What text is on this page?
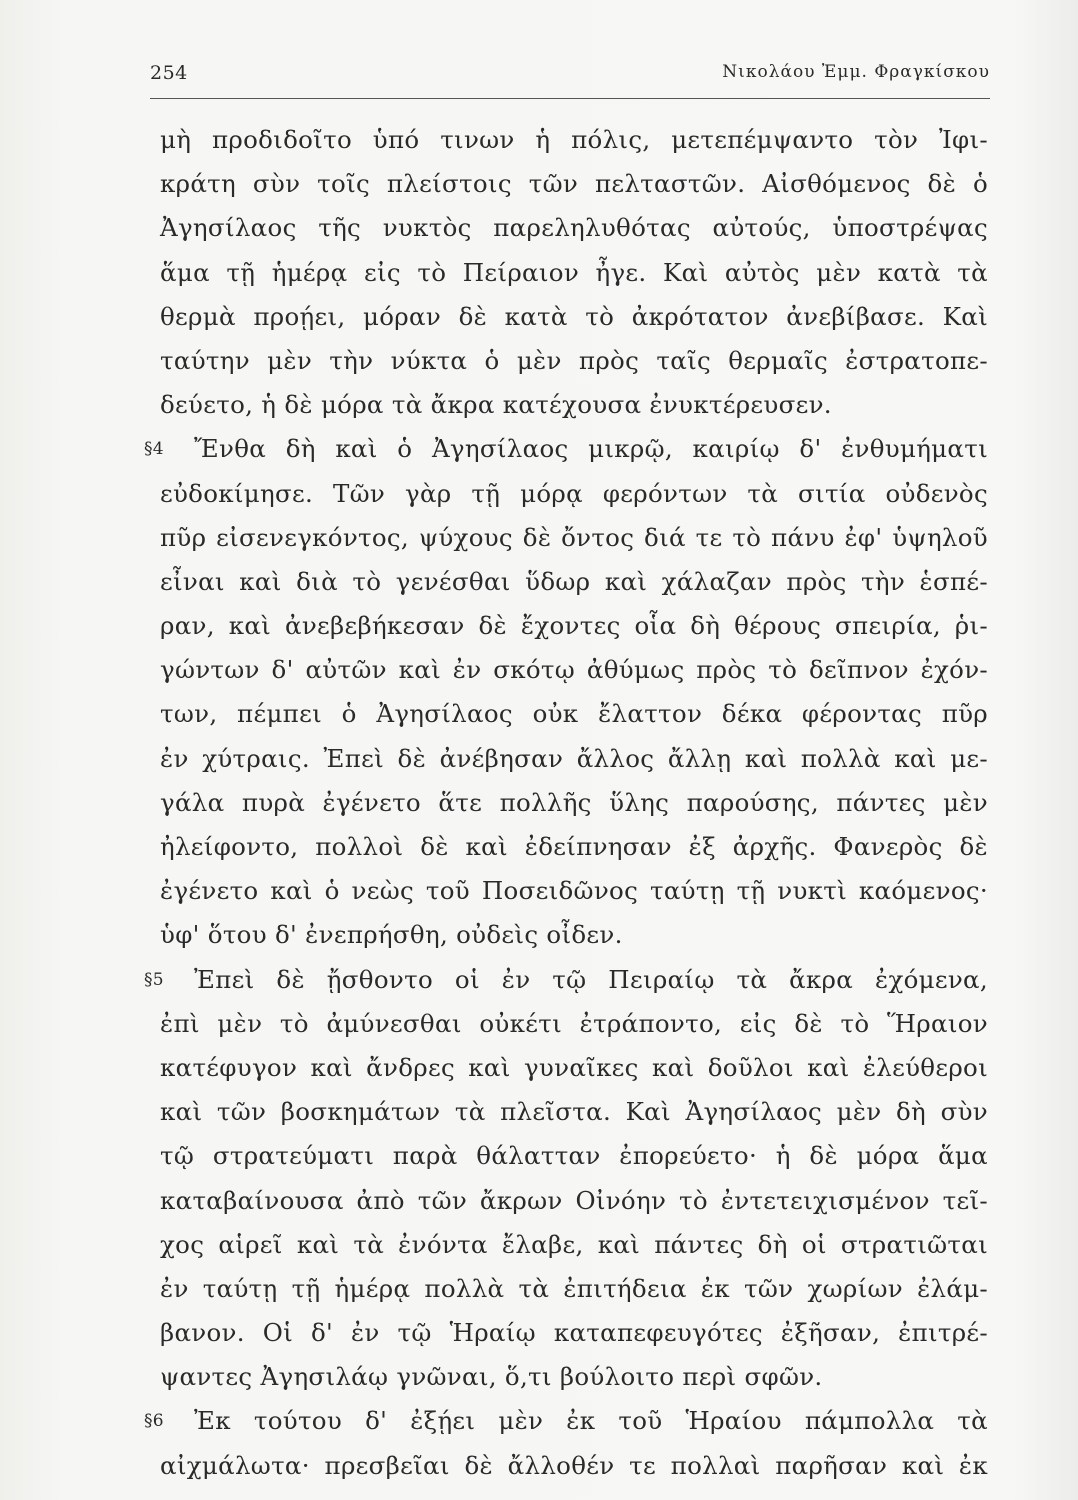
254	Νικολάου Ἐμμ. Φραγκίσκου
μὴ προδιδοῖτο ὑπό τινων ἡ πόλις, μετεπέμψαντο τὸν Ἰφι-
κράτη σὺν τοῖς πλείστοις τῶν πελταστῶν. Αἰσθόμενος δὲ ὁ
Ἀγησίλαος τῆς νυκτὸς παρεληλυθότας αὐτούς, ὑποστρέψας
ἅμα τῇ ἡμέρᾳ εἰς τὸ Πείραιον ἦγε. Καὶ αὐτὸς μὲν κατὰ τὰ
θερμὰ προῄει, μόραν δὲ κατὰ τὸ ἀκρότατον ἀνεβίβασε. Καὶ
ταύτην μὲν τὴν νύκτα ὁ μὲν πρὸς ταῖς θερμαῖς ἐστρατοπε-
δεύετο, ἡ δὲ μόρα τὰ ἄκρα κατέχουσα ἐνυκτέρευσεν.
§4	Ἔνθα δὴ καὶ ὁ Ἀγησίλαος μικρῷ, καιρίῳ δ' ἐνθυμήματι
εὐδοκίμησε. Τῶν γὰρ τῇ μόρᾳ φερόντων τὰ σιτία οὐδενὸς
πῦρ εἰσενεγκόντος, ψύχους δὲ ὄντος διά τε τὸ πάνυ ἐφ' ὑψηλοῦ
εἶναι καὶ διὰ τὸ γενέσθαι ὕδωρ καὶ χάλαζαν πρὸς τὴν ἑσπέ-
ραν, καὶ ἀνεβεβήκεσαν δὲ ἔχοντες οἷα δὴ θέρους σπειρία, ῥι-
γώντων δ' αὐτῶν καὶ ἐν σκότῳ ἀθύμως πρὸς τὸ δεῖπνον ἐχόν-
των, πέμπει ὁ Ἀγησίλαος οὐκ ἔλαττον δέκα φέροντας πῦρ
ἐν χύτραις. Ἐπεὶ δὲ ἀνέβησαν ἄλλος ἄλλῃ καὶ πολλὰ καὶ με-
γάλα πυρὰ ἐγένετο ἅτε πολλῆς ὕλης παρούσης, πάντες μὲν
ἠλείφοντο, πολλοὶ δὲ καὶ ἐδείπνησαν ἐξ ἀρχῆς. Φανερὸς δὲ
ἐγένετο καὶ ὁ νεὼς τοῦ Ποσειδῶνος ταύτῃ τῇ νυκτὶ καόμενος·
ὑφ' ὅτου δ' ἐνεπρήσθη, οὐδεὶς οἶδεν.
§5	Ἐπεὶ δὲ ᾔσθοντο οἱ ἐν τῷ Πειραίῳ τὰ ἄκρα ἐχόμενα,
ἐπὶ μὲν τὸ ἀμύνεσθαι οὐκέτι ἐτράποντο, εἰς δὲ τὸ Ἥραιον
κατέφυγον καὶ ἄνδρες καὶ γυναῖκες καὶ δοῦλοι καὶ ἐλεύθεροι
καὶ τῶν βοσκημάτων τὰ πλεῖστα. Καὶ Ἀγησίλαος μὲν δὴ σὺν
τῷ στρατεύματι παρὰ θάλατταν ἐπορεύετο· ἡ δὲ μόρα ἅμα
καταβαίνουσα ἀπὸ τῶν ἄκρων Οἰνόην τὸ ἐντετειχισμένον τεῖ-
χος αἱρεῖ καὶ τὰ ἐνόντα ἔλαβε, καὶ πάντες δὴ οἱ στρατιῶται
ἐν ταύτῃ τῇ ἡμέρᾳ πολλὰ τὰ ἐπιτήδεια ἐκ τῶν χωρίων ἐλάμ-
βανον. Οἱ δ' ἐν τῷ Ἡραίῳ καταπεφευγότες ἐξῆσαν, ἐπιτρέ-
ψαντες Ἀγησιλάῳ γνῶναι, ὅ,τι βούλοιτο περὶ σφῶν.
§6	Ἐκ τούτου δ' ἐξῄει μὲν ἐκ τοῦ Ἡραίου πάμπολλα τὰ
αἰχμάλωτα· πρεσβεῖαι δὲ ἄλλοθέν τε πολλαὶ παρῆσαν καὶ ἐκ
